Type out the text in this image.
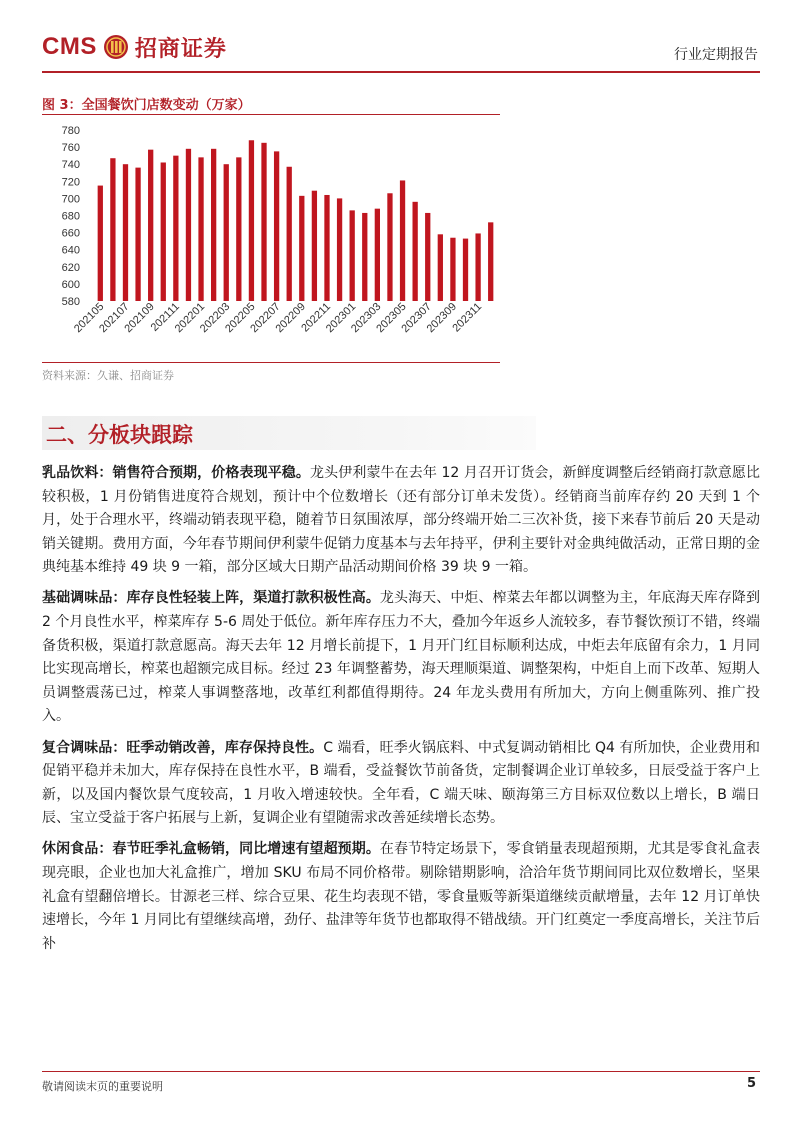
CMS 招商证券	行业定期报告
图 3：全国餐饮门店数变动（万家）
780
760
740
720
700
680
660
640
620
600
580
202105
202107
202109
202111
202201
202203
202205
202207
202209
202211
202301
202303
202305
202307
202309
202311
资料来源：久谦、招商证券
二、分板块跟踪

乳品饮料：销售符合预期，价格表现平稳。龙头伊利蒙牛在去年 12 月召开订货会，新鲜度调整后经销商打款意愿比较积极，1 月份销售进度符合规划，预计中个位数增长（还有部分订单未发货）。经销商当前库存约 20 天到 1 个月，处于合理水平，终端动销表现平稳，随着节日氛围浓厚，部分终端开始二三次补货，接下来春节前后 20 天是动销关键期。费用方面，今年春节期间伊利蒙牛促销力度基本与去年持平，伊利主要针对金典纯做活动，正常日期的金典纯基本维持 49 块 9 一箱，部分区域大日期产品活动期间价格 39 块 9 一箱。

基础调味品：库存良性轻装上阵，渠道打款积极性高。龙头海天、中炬、榨菜去年都以调整为主，年底海天库存降到 2 个月良性水平，榨菜库存 5-6 周处于低位。新年库存压力不大，叠加今年返乡人流较多，春节餐饮预订不错，终端备货积极，渠道打款意愿高。海天去年 12 月增长前提下，1 月开门红目标顺利达成，中炬去年底留有余力，1 月同比实现高增长，榨菜也超额完成目标。经过 23 年调整蓄势，海天理顺渠道、调整架构，中炬自上而下改革、短期人员调整震荡已过，榨菜人事调整落地，改革红利都值得期待。24 年龙头费用有所加大，方向上侧重陈列、推广投入。

复合调味品：旺季动销改善，库存保持良性。C 端看，旺季火锅底料、中式复调动销相比 Q4 有所加快，企业费用和促销平稳并未加大，库存保持在良性水平，B 端看，受益餐饮节前备货，定制餐调企业订单较多，日辰受益于客户上新，以及国内餐饮景气度较高，1 月收入增速较快。全年看，C 端天味、颐海第三方目标双位数以上增长，B 端日辰、宝立受益于客户拓展与上新，复调企业有望随需求改善延续增长态势。

休闲食品：春节旺季礼盒畅销，同比增速有望超预期。在春节特定场景下，零食销量表现超预期，尤其是零食礼盒表现亮眼，企业也加大礼盒推广，增加 SKU 布局不同价格带。剔除错期影响，洽洽年货节期间同比双位数增长，坚果礼盒有望翻倍增长。甘源老三样、综合豆果、花生均表现不错，零食量贩等新渠道继续贡献增量，去年 12 月订单快速增长，今年 1 月同比有望继续高增，劲仔、盐津等年货节也都取得不错战绩。开门红奠定一季度高增长，关注节后补

敬请阅读末页的重要说明	5
